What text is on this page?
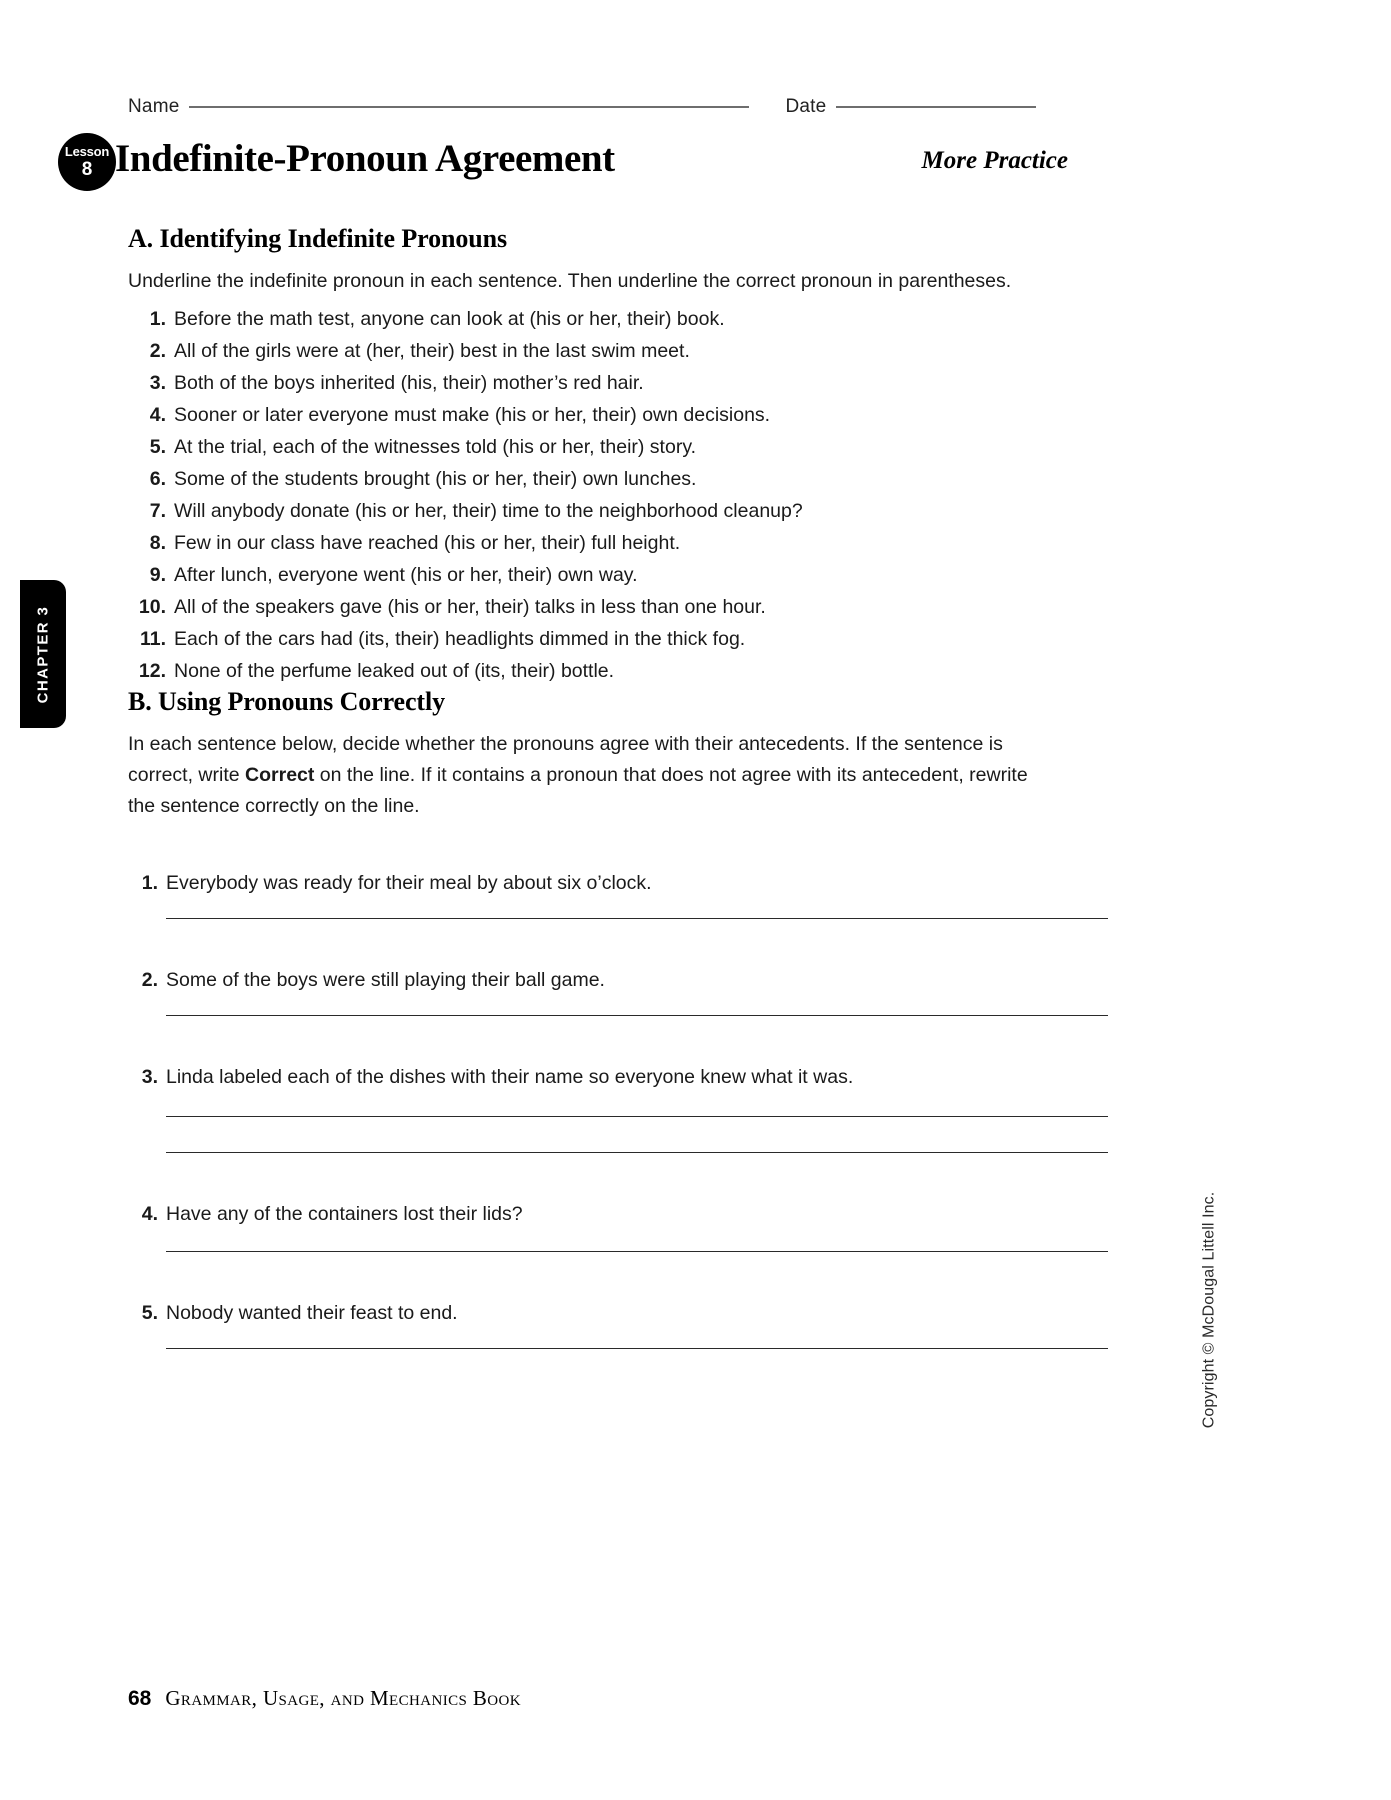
Name	Date
Lesson
8 Indefinite-Pronoun Agreement	More Practice
CHAPTER 3
Copyright © McDougal Littell Inc.
A. Identifying Indefinite Pronouns

Underline the indefinite pronoun in each sentence. Then underline the correct pronoun in parentheses.

1. Before the math test, anyone can look at (his or her, their) book.
2. All of the girls were at (her, their) best in the last swim meet.
3. Both of the boys inherited (his, their) mother’s red hair.
4. Sooner or later everyone must make (his or her, their) own decisions.
5. At the trial, each of the witnesses told (his or her, their) story.
6. Some of the students brought (his or her, their) own lunches.
7. Will anybody donate (his or her, their) time to the neighborhood cleanup?
8. Few in our class have reached (his or her, their) full height.
9. After lunch, everyone went (his or her, their) own way.
10. All of the speakers gave (his or her, their) talks in less than one hour.
11. Each of the cars had (its, their) headlights dimmed in the thick fog.
12. None of the perfume leaked out of (its, their) bottle.
B. Using Pronouns Correctly

In each sentence below, decide whether the pronouns agree with their antecedents. If the sentence is correct, write Correct on the line. If it contains a pronoun that does not agree with its antecedent, rewrite the sentence correctly on the line.

1. Everybody was ready for their meal by about six o’clock.
2. Some of the boys were still playing their ball game.
3. Linda labeled each of the dishes with their name so everyone knew what it was.
4. Have any of the containers lost their lids?
5. Nobody wanted their feast to end.
68 Grammar, Usage, and Mechanics Book
